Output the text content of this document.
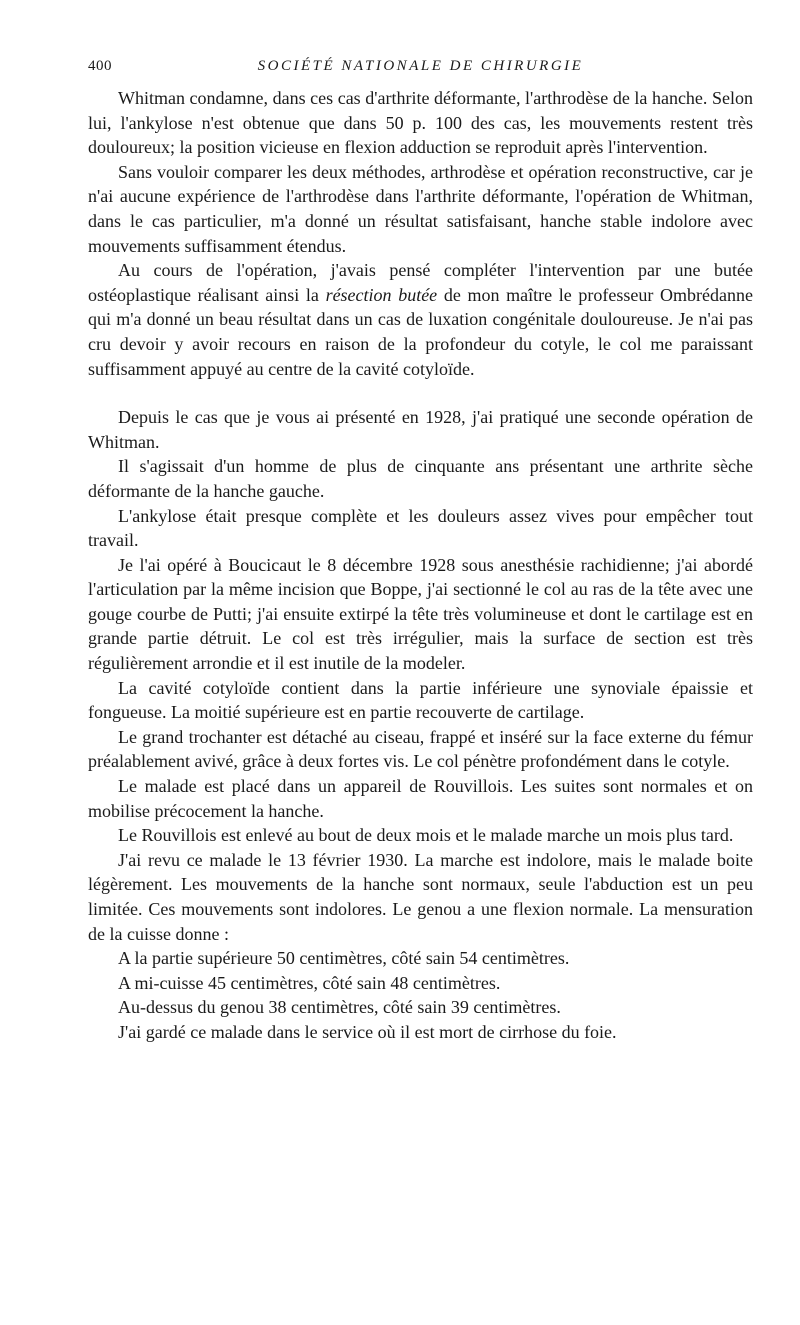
400	SOCIÉTÉ NATIONALE DE CHIRURGIE

Whitman condamne, dans ces cas d'arthrite déformante, l'arthrodèse de la hanche. Selon lui, l'ankylose n'est obtenue que dans 50 p. 100 des cas, les mouvements restent très douloureux; la position vicieuse en flexion adduction se reproduit après l'intervention.

Sans vouloir comparer les deux méthodes, arthrodèse et opération reconstructive, car je n'ai aucune expérience de l'arthrodèse dans l'arthrite déformante, l'opération de Whitman, dans le cas particulier, m'a donné un résultat satisfaisant, hanche stable indolore avec mouvements suffisamment étendus.

Au cours de l'opération, j'avais pensé compléter l'intervention par une butée ostéoplastique réalisant ainsi la résection butée de mon maître le professeur Ombrédanne qui m'a donné un beau résultat dans un cas de luxation congénitale douloureuse. Je n'ai pas cru devoir y avoir recours en raison de la profondeur du cotyle, le col me paraissant suffisamment appuyé au centre de la cavité cotyloïde.

Depuis le cas que je vous ai présenté en 1928, j'ai pratiqué une seconde opération de Whitman.

Il s'agissait d'un homme de plus de cinquante ans présentant une arthrite sèche déformante de la hanche gauche.

L'ankylose était presque complète et les douleurs assez vives pour empêcher tout travail.

Je l'ai opéré à Boucicaut le 8 décembre 1928 sous anesthésie rachidienne; j'ai abordé l'articulation par la même incision que Boppe, j'ai sectionné le col au ras de la tête avec une gouge courbe de Putti; j'ai ensuite extirpé la tête très volumineuse et dont le cartilage est en grande partie détruit. Le col est très irrégulier, mais la surface de section est très régulièrement arrondie et il est inutile de la modeler.

La cavité cotyloïde contient dans la partie inférieure une synoviale épaissie et fongueuse. La moitié supérieure est en partie recouverte de cartilage.

Le grand trochanter est détaché au ciseau, frappé et inséré sur la face externe du fémur préalablement avivé, grâce à deux fortes vis. Le col pénètre profondément dans le cotyle.

Le malade est placé dans un appareil de Rouvillois. Les suites sont normales et on mobilise précocement la hanche.

Le Rouvillois est enlevé au bout de deux mois et le malade marche un mois plus tard.

J'ai revu ce malade le 13 février 1930. La marche est indolore, mais le malade boite légèrement. Les mouvements de la hanche sont normaux, seule l'abduction est un peu limitée. Ces mouvements sont indolores. Le genou a une flexion normale. La mensuration de la cuisse donne :

A la partie supérieure 50 centimètres, côté sain 54 centimètres.

A mi-cuisse 45 centimètres, côté sain 48 centimètres.

Au-dessus du genou 38 centimètres, côté sain 39 centimètres.

J'ai gardé ce malade dans le service où il est mort de cirrhose du foie.
